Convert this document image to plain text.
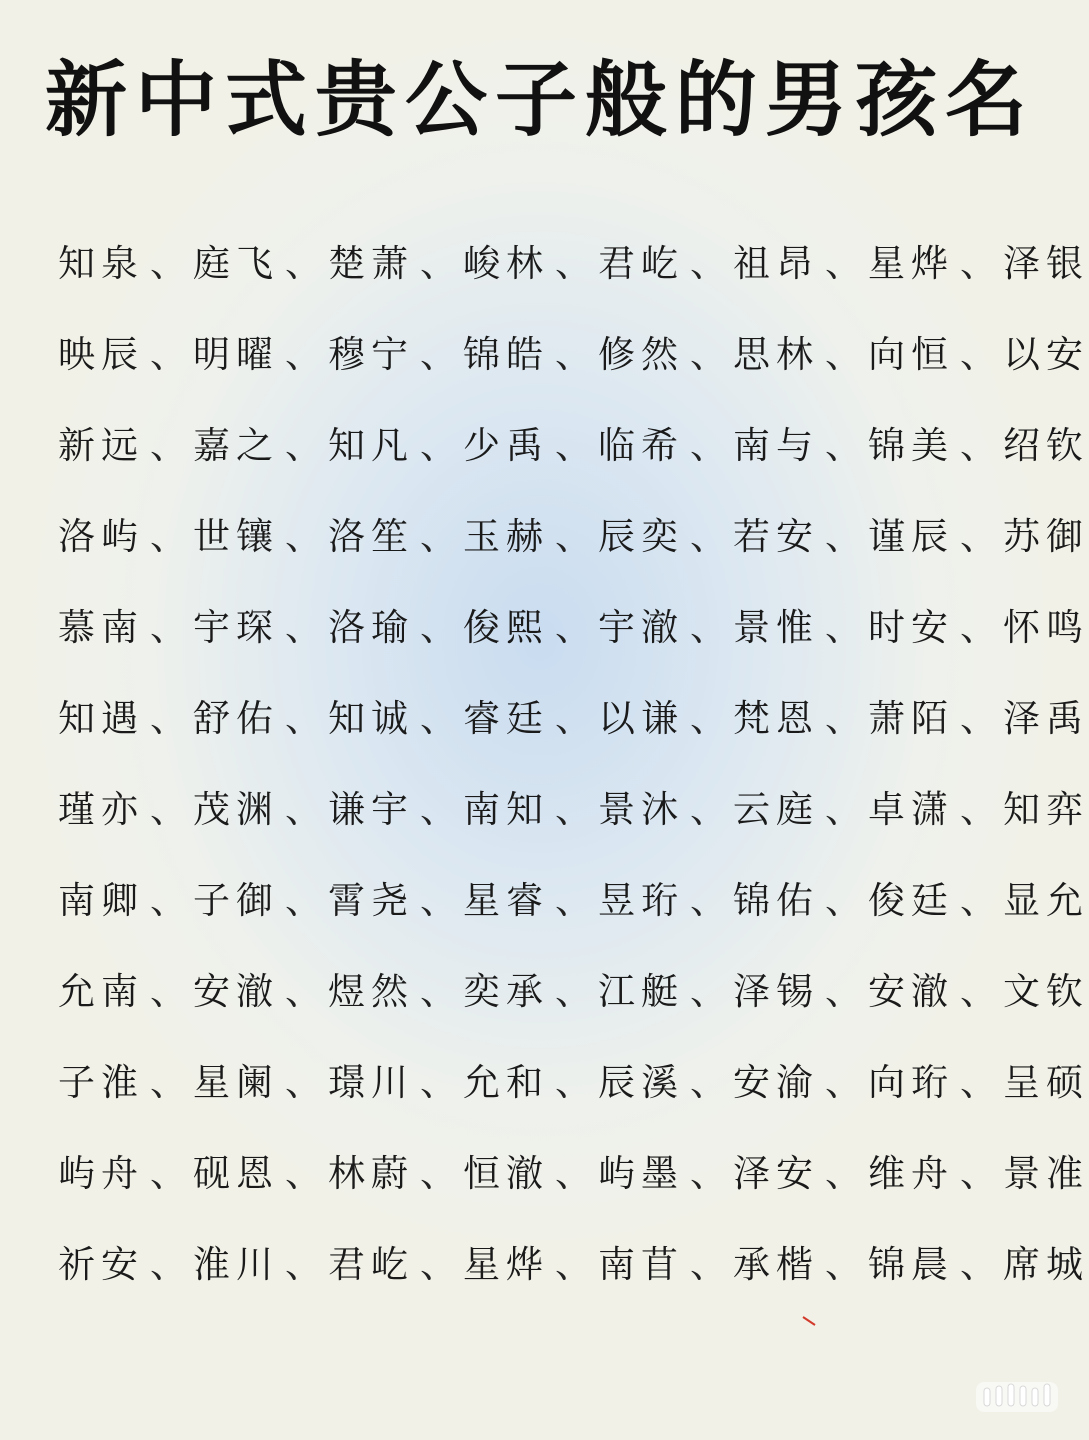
新中式贵公子般的男孩名
知泉 、 庭飞 、 楚萧 、 峻林 、 君屹 、 祖昂 、 星烨 、 泽银
映辰 、 明曜 、 穆宁 、 锦皓 、 修然 、 思林 、 向恒 、 以安
新远 、 嘉之 、 知凡 、 少禹 、 临希 、 南与 、 锦美 、 绍钦
洛屿 、 世镶 、 洛笙 、 玉赫 、 辰奕 、 若安 、 谨辰 、 苏御
慕南 、 宇琛 、 洛瑜 、 俊熙 、 宇澈 、 景惟 、 时安 、 怀鸣
知遇 、 舒佑 、 知诚 、 睿廷 、 以谦 、 梵恩 、 萧陌 、 泽禹
瑾亦 、 茂渊 、 谦宇 、 南知 、 景沐 、 云庭 、 卓潇 、 知弈
南卿 、 子御 、 霄尧 、 星睿 、 昱珩 、 锦佑 、 俊廷 、 显允
允南 、 安澈 、 煜然 、 奕承 、 江艇 、 泽锡 、 安澈 、 文钦
子淮 、 星阑 、 璟川 、 允和 、 辰溪 、 安渝 、 向珩 、 呈硕
屿舟 、 砚恩 、 林蔚 、 恒澈 、 屿墨 、 泽安 、 维舟 、 景准
祈安 、 淮川 、 君屹 、 星烨 、 南苜 、 承楷 、 锦晨 、 席城
